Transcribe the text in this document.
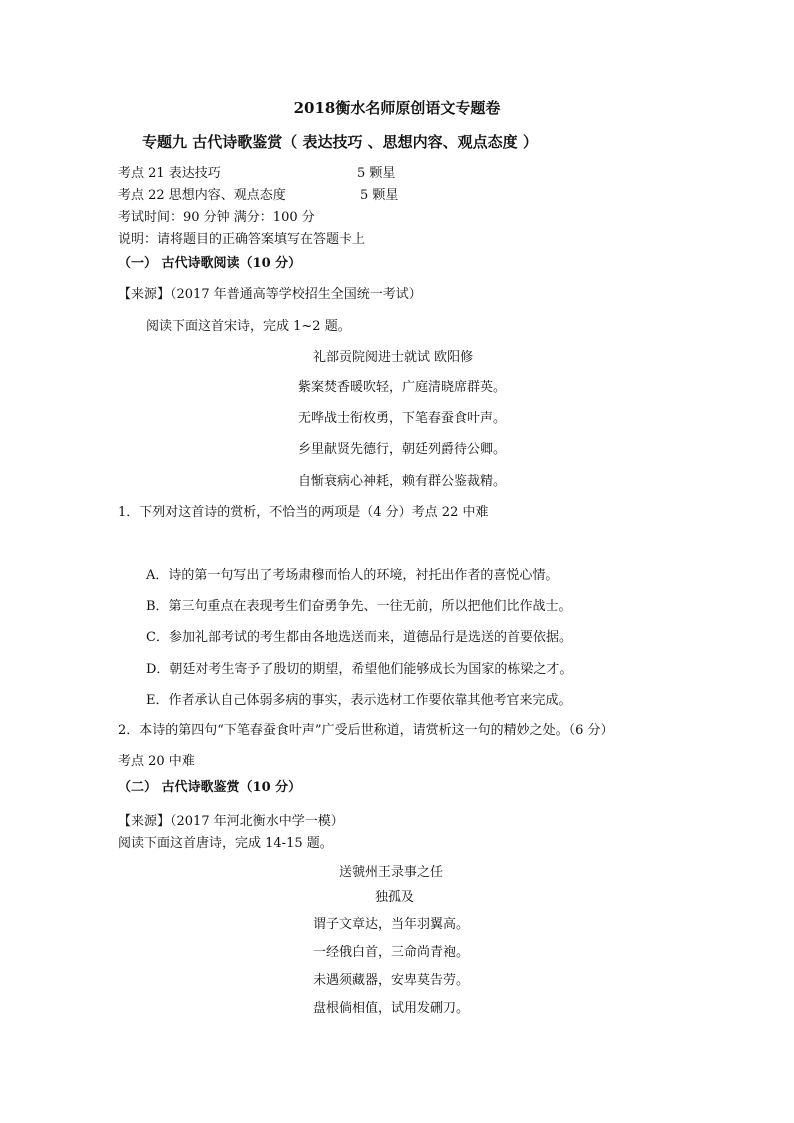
2018衡水名师原创语文专题卷
专题九 古代诗歌鉴赏（ 表达技巧 、思想内容、观点态度 ）
考点 21 表达技巧	5 颗星
考点 22 思想内容、观点态度	5 颗星
考试时间：90 分钟 满分：100 分
说明：请将题目的正确答案填写在答题卡上
（一） 古代诗歌阅读（10 分）
【来源】（2017 年普通高等学校招生全国统一考试）
阅读下面这首宋诗，完成 1~2 题。
礼部贡院阅进士就试 欧阳修
紫案焚香暖吹轻，广庭清晓席群英。
无哗战士衔枚勇，下笔春蚕食叶声。
乡里献贤先德行，朝廷列爵待公卿。
自惭衰病心神耗，赖有群公鉴裁精。
1．下列对这首诗的赏析，不恰当的两项是（4 分）考点 22 中难
A．诗的第一句写出了考场肃穆而怡人的环境，衬托出作者的喜悦心情。
B．第三句重点在表现考生们奋勇争先、一往无前，所以把他们比作战士。
C．参加礼部考试的考生都由各地选送而来，道德品行是选送的首要依据。
D．朝廷对考生寄予了殷切的期望，希望他们能够成长为国家的栋梁之才。
E．作者承认自己体弱多病的事实，表示选材工作要依靠其他考官来完成。
2．本诗的第四句“下笔春蚕食叶声”广受后世称道，请赏析这一句的精妙之处。（6 分）
考点 20 中难
（二） 古代诗歌鉴赏（10 分）
【来源】（2017 年河北衡水中学一模）
阅读下面这首唐诗，完成 14-15 题。
送虢州王录事之任
独孤及
谓子文章达，当年羽翼高。
一经俄白首，三命尚青袍。
未遇须藏器，安卑莫告劳。
盘根倘相值，试用发硎刀。
